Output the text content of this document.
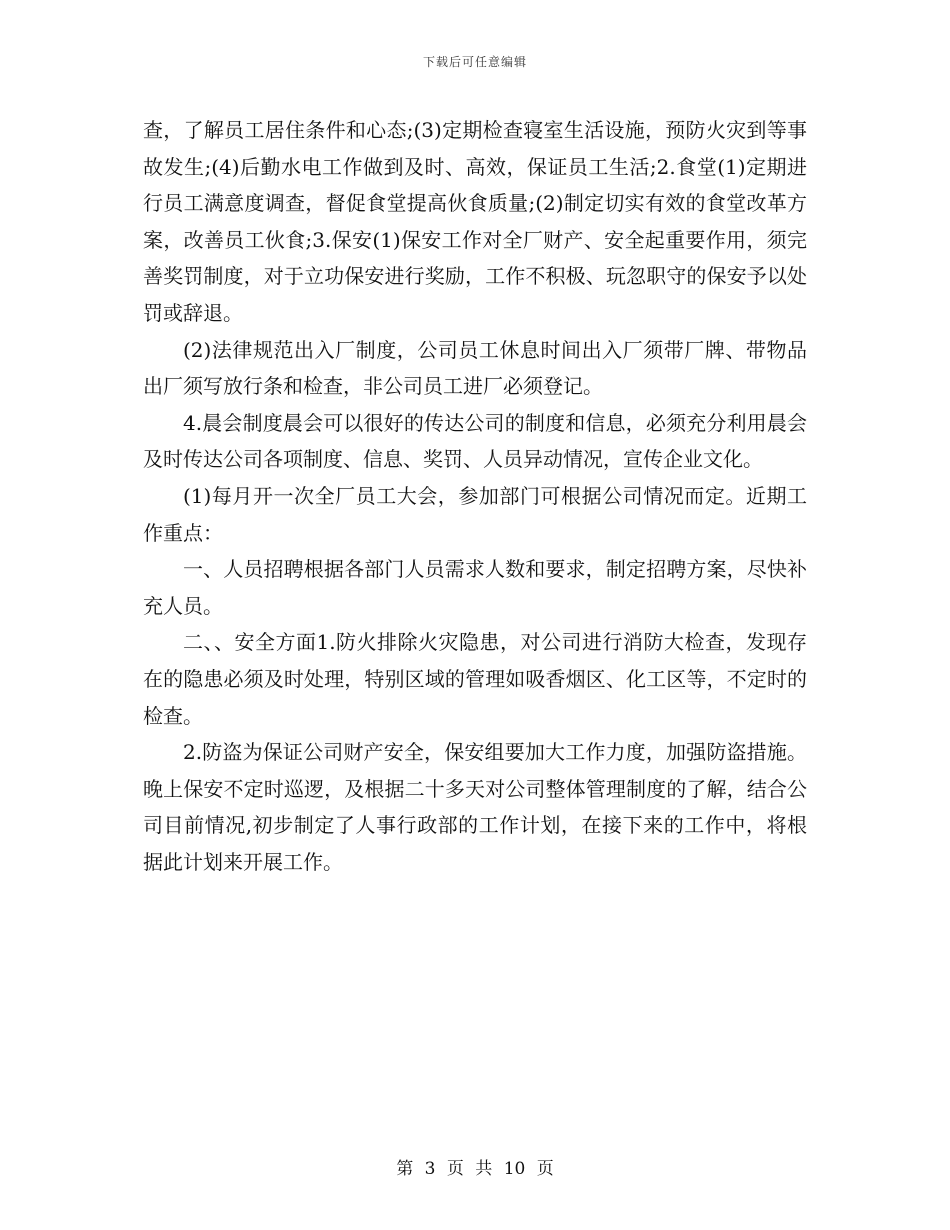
下载后可任意编辑

查，了解员工居住条件和心态;(3)定期检查寝室生活设施，预防火灾到等事故发生;(4)后勤水电工作做到及时、高效，保证员工生活;2.食堂(1)定期进行员工满意度调查，督促食堂提高伙食质量;(2)制定切实有效的食堂改革方案，改善员工伙食;3.保安(1)保安工作对全厂财产、安全起重要作用，须完善奖罚制度，对于立功保安进行奖励，工作不积极、玩忽职守的保安予以处罚或辞退。

(2)法律规范出入厂制度，公司员工休息时间出入厂须带厂牌、带物品出厂须写放行条和检查，非公司员工进厂必须登记。

4.晨会制度晨会可以很好的传达公司的制度和信息，必须充分利用晨会及时传达公司各项制度、信息、奖罚、人员异动情况，宣传企业文化。

(1)每月开一次全厂员工大会，参加部门可根据公司情况而定。近期工作重点：

一、人员招聘根据各部门人员需求人数和要求，制定招聘方案，尽快补充人员。

二、、安全方面1.防火排除火灾隐患，对公司进行消防大检查，发现存在的隐患必须及时处理，特别区域的管理如吸香烟区、化工区等，不定时的检查。

2.防盗为保证公司财产安全，保安组要加大工作力度，加强防盗措施。晚上保安不定时巡逻，及根据二十多天对公司整体管理制度的了解，结合公司目前情况,初步制定了人事行政部的工作计划，在接下来的工作中，将根据此计划来开展工作。

第 3 页 共 10 页
